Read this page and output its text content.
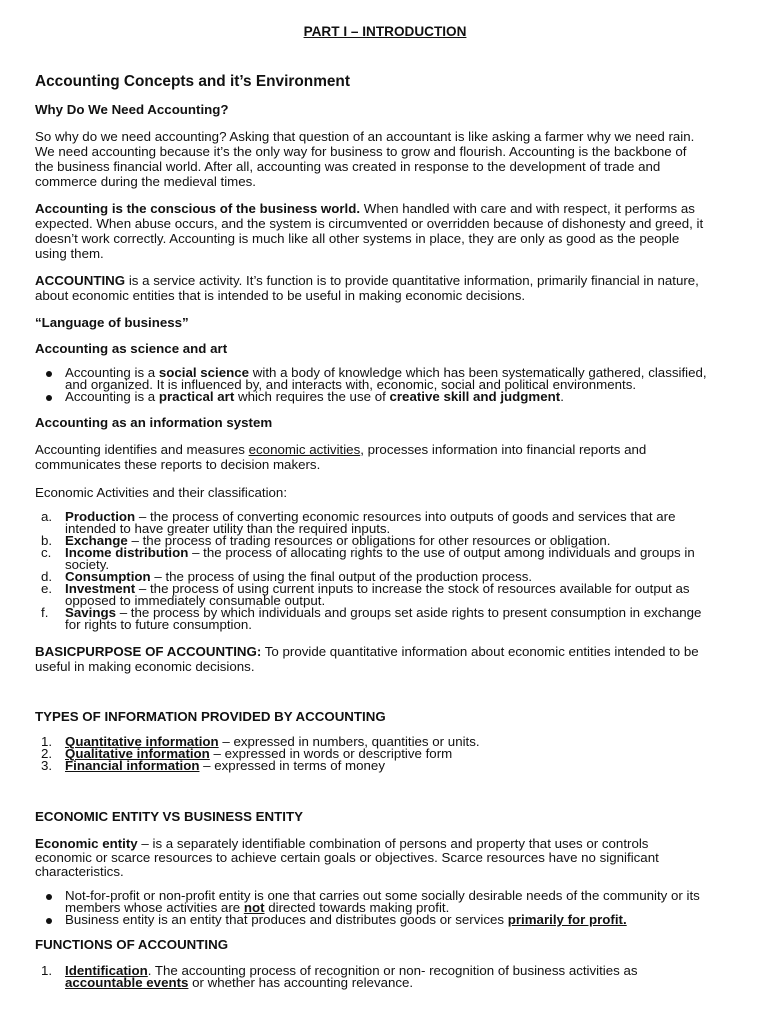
PART I – INTRODUCTION
Accounting Concepts and it’s Environment
Why Do We Need Accounting?
So why do we need accounting? Asking that question of an accountant is like asking a farmer why we need rain.
We need accounting because it’s the only way for business to grow and flourish. Accounting is the backbone of
the business financial world. After all, accounting was created in response to the development of trade and
commerce during the medieval times.
Accounting is the conscious of the business world. When handled with care and with respect, it performs as
expected. When abuse occurs, and the system is circumvented or overridden because of dishonesty and greed, it
doesn’t work correctly. Accounting is much like all other systems in place, they are only as good as the people
using them.
ACCOUNTING is a service activity. It’s function is to provide quantitative information, primarily financial in nature,
about economic entities that is intended to be useful in making economic decisions.
“Language of business”
Accounting as science and art
Accounting is a social science with a body of knowledge which has been systematically gathered, classified,
and organized. It is influenced by, and interacts with, economic, social and political environments.
Accounting is a practical art which requires the use of creative skill and judgment.
Accounting as an information system
Accounting identifies and measures economic activities, processes information into financial reports and
communicates these reports to decision makers.
Economic Activities and their classification:
a. Production – the process of converting economic resources into outputs of goods and services that are
intended to have greater utility than the required inputs.
b. Exchange – the process of trading resources or obligations for other resources or obligation.
c. Income distribution – the process of allocating rights to the use of output among individuals and groups in
society.
d. Consumption – the process of using the final output of the production process.
e. Investment – the process of using current inputs to increase the stock of resources available for output as
opposed to immediately consumable output.
f. Savings – the process by which individuals and groups set aside rights to present consumption in exchange
for rights to future consumption.
BASICPURPOSE OF ACCOUNTING: To provide quantitative information about economic entities intended to be
useful in making economic decisions.
TYPES OF INFORMATION PROVIDED BY ACCOUNTING
1. Quantitative information – expressed in numbers, quantities or units.
2. Qualitative information – expressed in words or descriptive form
3. Financial information – expressed in terms of money
ECONOMIC ENTITY VS BUSINESS ENTITY
Economic entity – is a separately identifiable combination of persons and property that uses or controls
economic or scarce resources to achieve certain goals or objectives. Scarce resources have no significant
characteristics.
Not-for-profit or non-profit entity is one that carries out some socially desirable needs of the community or its
members whose activities are not directed towards making profit.
Business entity is an entity that produces and distributes goods or services primarily for profit.
FUNCTIONS OF ACCOUNTING
1. Identification. The accounting process of recognition or non- recognition of business activities as
accountable events or whether has accounting relevance.
